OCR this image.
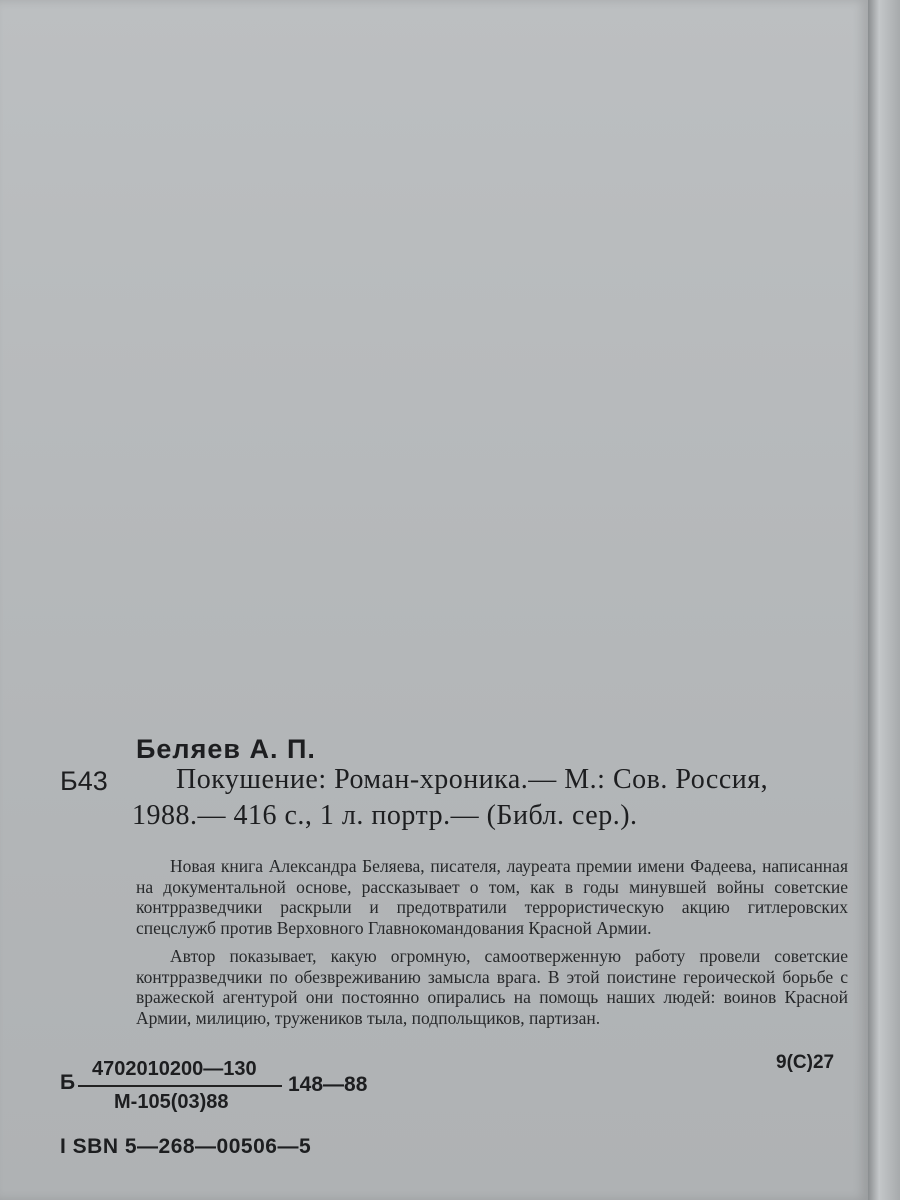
Беляев А. П.
Б43 Покушение: Роман-хроника.— М.: Сов. Россия,
1988.— 416 с., 1 л. портр.— (Библ. сер.).
Новая книга Александра Беляева, писателя, лауреата премии имени Фадеева, написанная на документальной основе, рассказывает о том, как в годы минувшей войны советские контрразведчики раскрыли и предотвратили террористическую акцию гитлеровских спецслужб против Верховного Главнокомандования Красной Армии.
Автор показывает, какую огромную, самоотверженную работу провели советские контрразведчики по обезвреживанию замысла врага. В этой поистине героической борьбе с вражеской агентурой они постоянно опирались на помощь наших людей: воинов Красной Армии, милицию, тружеников тыла, подпольщиков, партизан.
9(С)27
Б
4702010200—130
М-105(03)88
148—88
I SBN 5—268—00506—5
